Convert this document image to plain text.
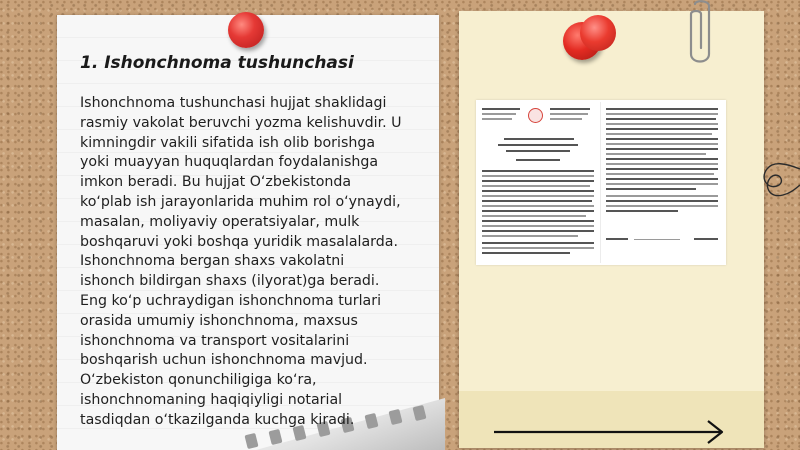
1. Ishonchnoma tushunchasi
Ishonchnoma tushunchasi hujjat shaklidagi
rasmiy vakolat beruvchi yozma kelishuvdir. U
kimningdir vakili sifatida ish olib borishga
yoki muayyan huquqlardan foydalanishga
imkon beradi. Bu hujjat O‘zbekistonda
ko‘plab ish jarayonlarida muhim rol o‘ynaydi,
masalan, moliyaviy operatsiyalar, mulk
boshqaruvi yoki boshqa yuridik masalalarda.
Ishonchnoma bergan shaxs vakolatni
ishonch bildirgan shaxs (ilyorat)ga beradi.
Eng ko‘p uchraydigan ishonchnoma turlari
orasida umumiy ishonchnoma, maxsus
ishonchnoma va transport vositalarini
boshqarish uchun ishonchnoma mavjud.
O‘zbekiston qonunchiligiga ko‘ra,
ishonchnomaning haqiqiyligi notarial
tasdiqdan o‘tkazilganda kuchga kiradi.
